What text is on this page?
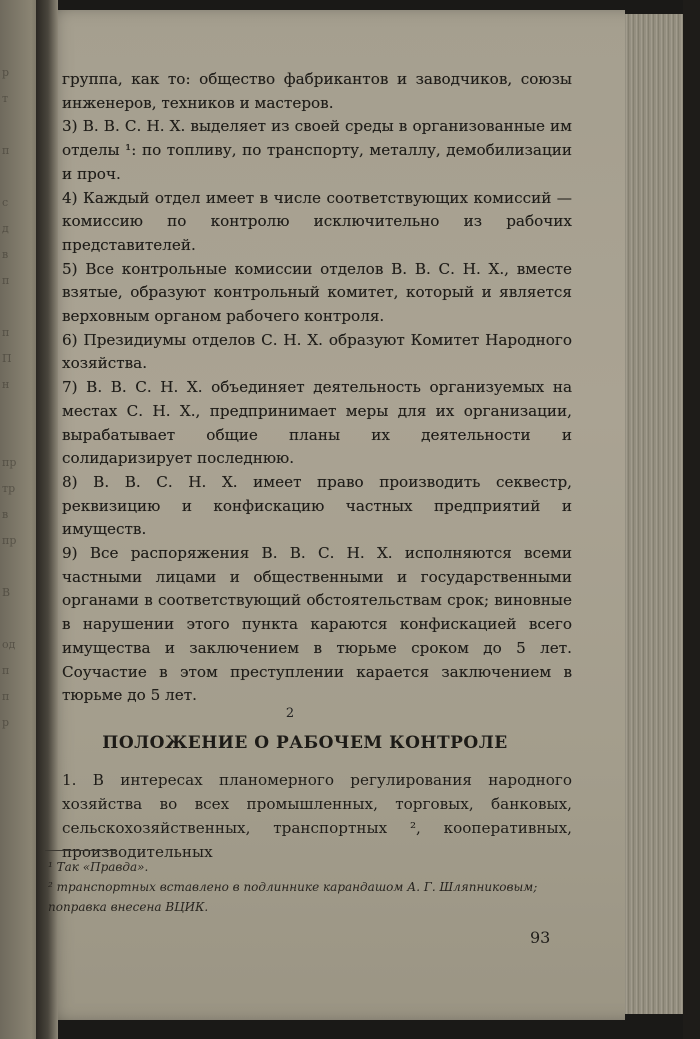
р
т

п

с
д
в
п

п
П
н

пр
тр
в
пр

В

од
п
п
р

группа, как то: общество фабрикантов и заводчиков, союзы инженеров, техников и мастеров.

3) В. В. С. Н. Х. выделяет из своей среды в организованные им отделы ¹: по топливу, по транспорту, металлу, демобилизации и проч.

4) Каждый отдел имеет в числе соответствующих комиссий — комиссию по контролю исключительно из рабочих представителей.

5) Все контрольные комиссии отделов В. В. С. Н. Х., вместе взятые, образуют контрольный комитет, который и является верховным органом рабочего контроля.

6) Президиумы отделов С. Н. Х. образуют Комитет Народного хозяйства.

7) В. В. С. Н. Х. объединяет деятельность организуемых на местах С. Н. Х., предпринимает меры для их организации, вырабатывает общие планы их деятельности и солидаризирует последнюю.

8) В. В. С. Н. Х. имеет право производить секвестр, реквизицию и конфискацию частных предприятий и имуществ.

9) Все распоряжения В. В. С. Н. Х. исполняются всеми частными лицами и общественными и государственными органами в соответствующий обстоятельствам срок; виновные в нарушении этого пункта караются конфискацией всего имущества и заключением в тюрьме сроком до 5 лет. Соучастие в этом преступлении карается заключением в тюрьме до 5 лет.

2
ПОЛОЖЕНИЕ О РАБОЧЕМ КОНТРОЛЕ
1. В интересах планомерного регулирования народного хозяйства во всех промышленных, торговых, банковых, сельскохозяйственных, транспортных ², кооперативных, производительных

¹ Так «Правда».

² транспортных вставлено в подлиннике карандашом А. Г. Шляпниковым; поправка внесена ВЦИК.

93
